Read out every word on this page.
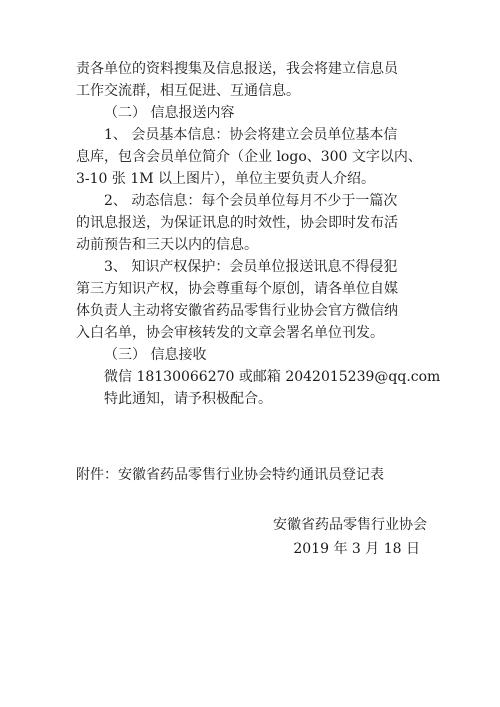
责各单位的资料搜集及信息报送，我会将建立信息员

工作交流群，相互促进、互通信息。

（二） 信息报送内容

1、 会员基本信息：协会将建立会员单位基本信

息库，包含会员单位简介（企业 logo、300 文字以内、

3-10 张 1M 以上图片），单位主要负责人介绍。

2、 动态信息：每个会员单位每月不少于一篇次

的讯息报送，为保证讯息的时效性，协会即时发布活

动前预告和三天以内的信息。

3、 知识产权保护：会员单位报送讯息不得侵犯

第三方知识产权，协会尊重每个原创，请各单位自媒

体负责人主动将安徽省药品零售行业协会官方微信纳

入白名单，协会审核转发的文章会署名单位刊发。

（三） 信息接收

微信 18130066270 或邮箱 2042015239@qq.com

特此通知，请予积极配合。

附件：安徽省药品零售行业协会特约通讯员登记表
安徽省药品零售行业协会
2019 年 3 月 18 日
